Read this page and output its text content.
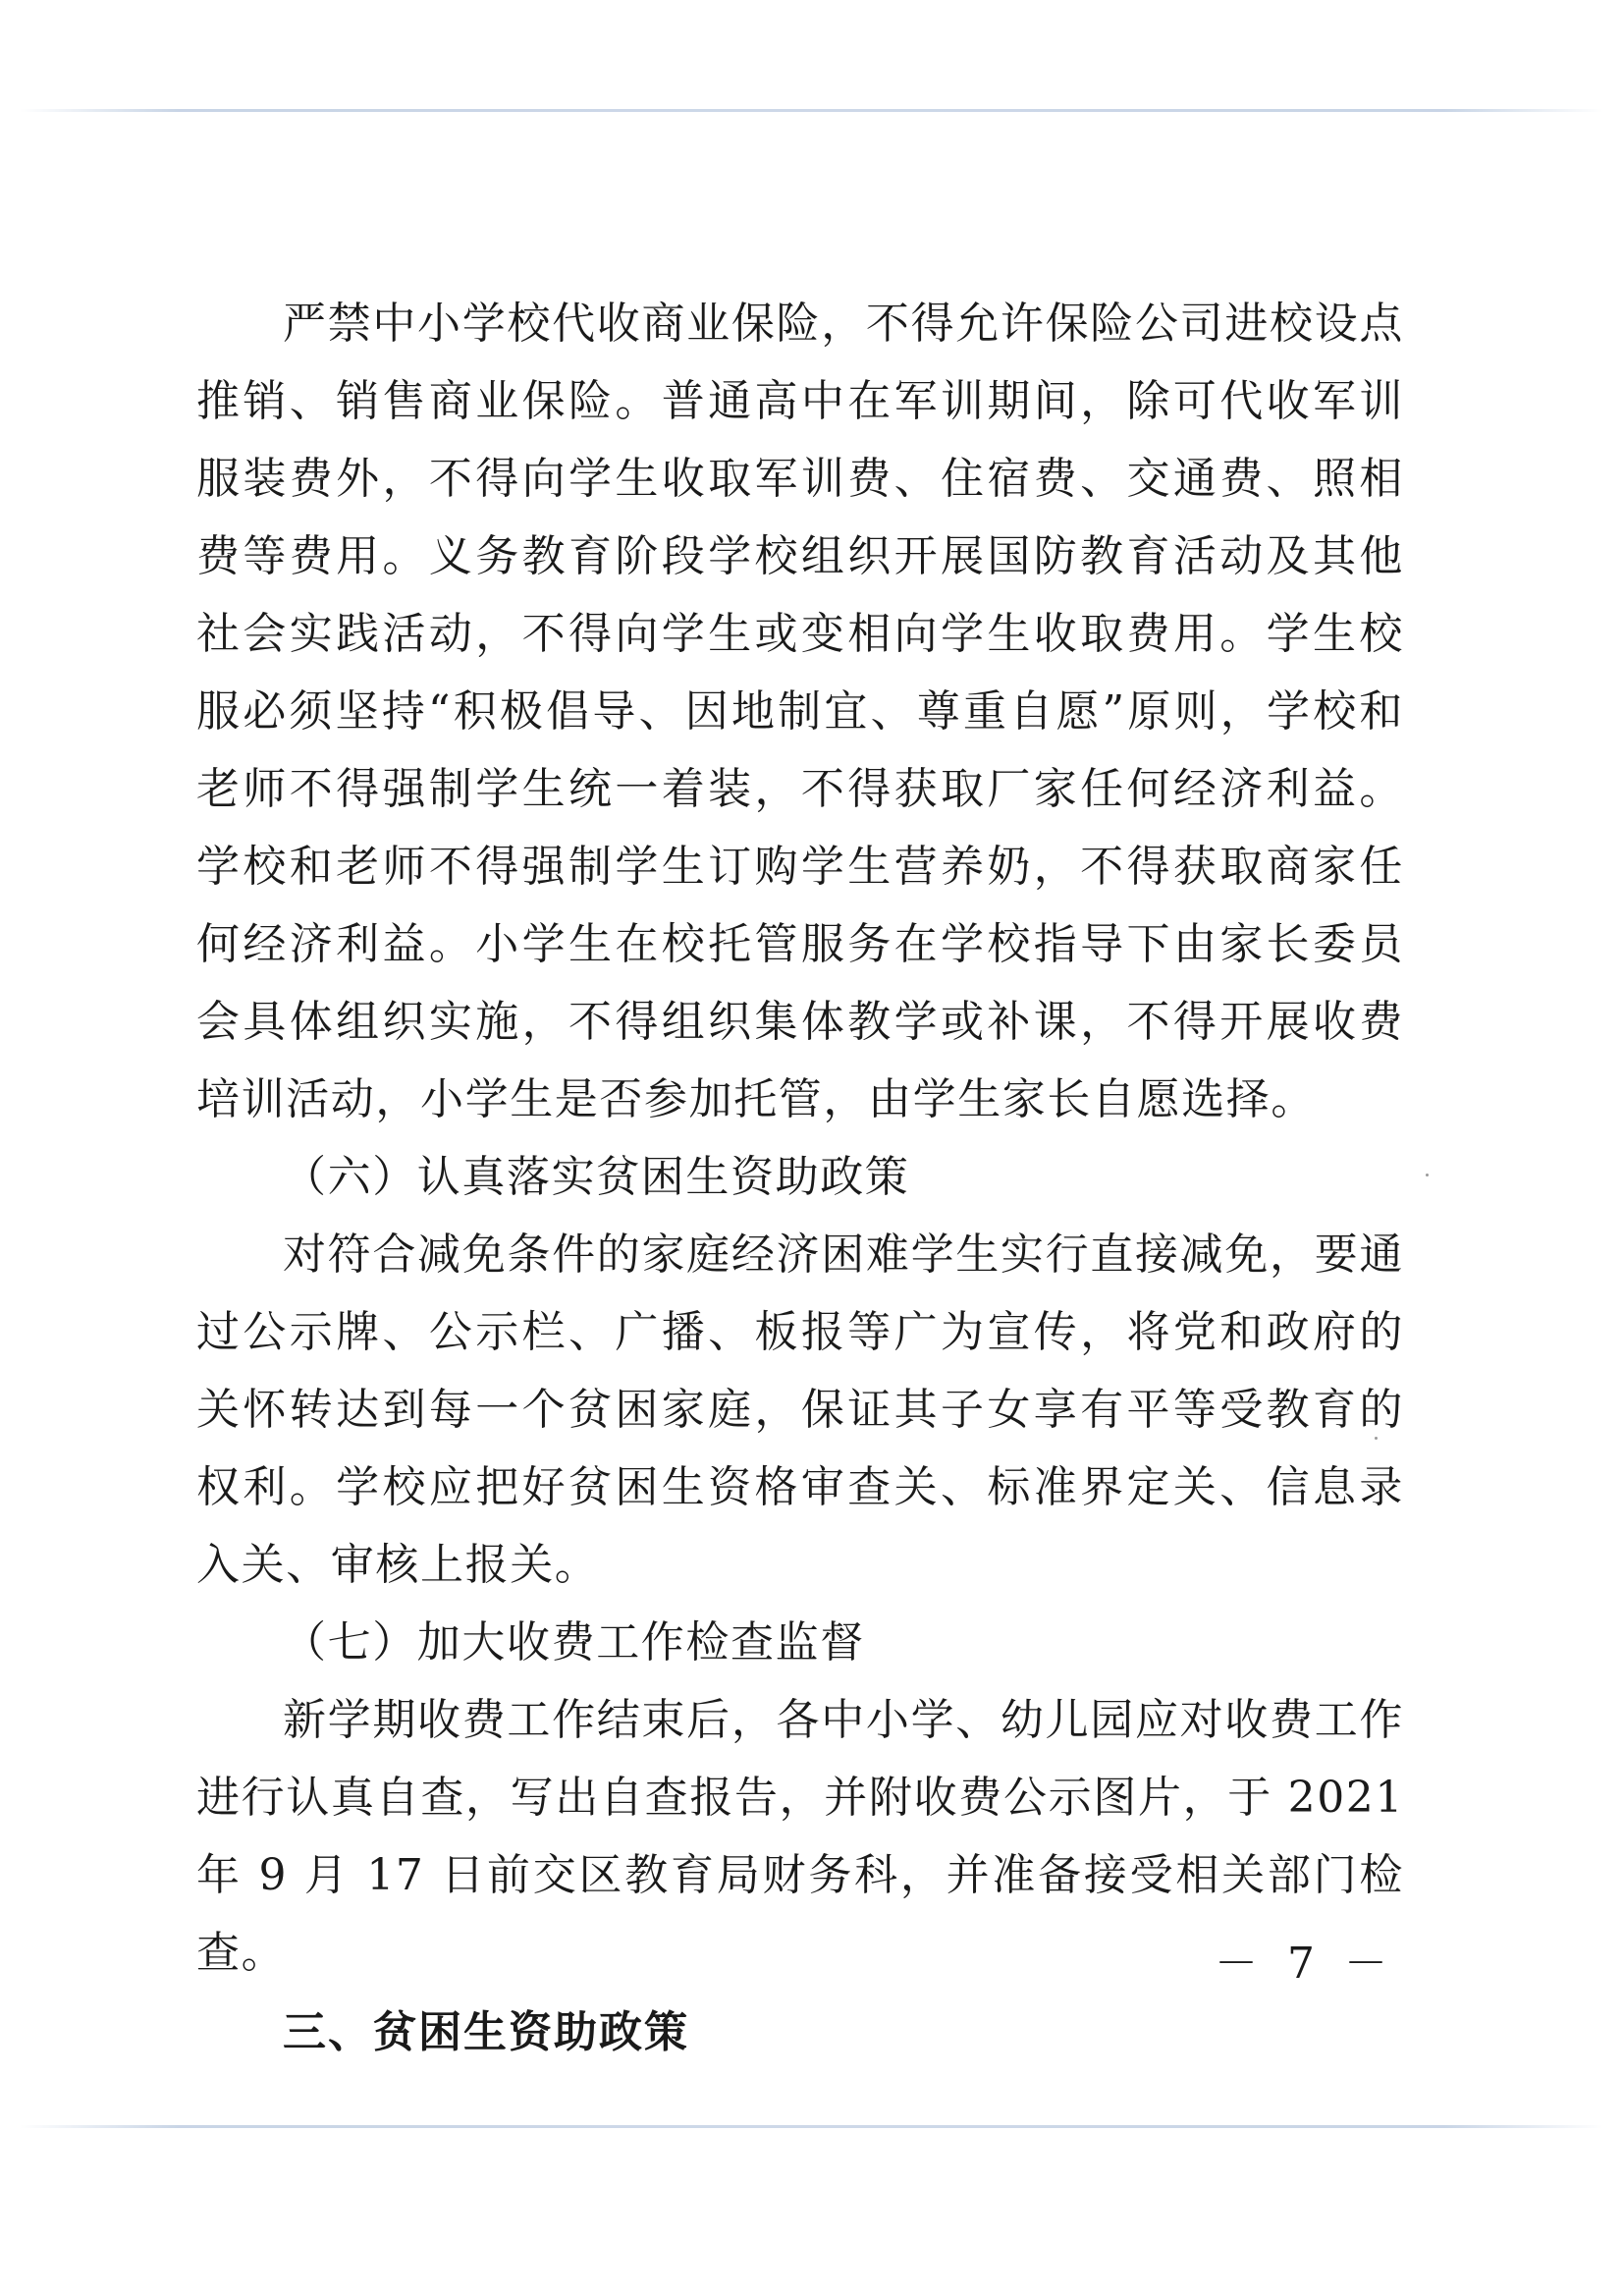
严禁中小学校代收商业保险，不得允许保险公司进校设点推销、销售商业保险。普通高中在军训期间，除可代收军训服装费外，不得向学生收取军训费、住宿费、交通费、照相费等费用。义务教育阶段学校组织开展国防教育活动及其他社会实践活动，不得向学生或变相向学生收取费用。学生校服必须坚持“积极倡导、因地制宜、尊重自愿”原则，学校和老师不得强制学生统一着装，不得获取厂家任何经济利益。学校和老师不得强制学生订购学生营养奶，不得获取商家任何经济利益。小学生在校托管服务在学校指导下由家长委员会具体组织实施，不得组织集体教学或补课，不得开展收费培训活动，小学生是否参加托管，由学生家长自愿选择。

（六）认真落实贫困生资助政策

对符合减免条件的家庭经济困难学生实行直接减免，要通过公示牌、公示栏、广播、板报等广为宣传，将党和政府的关怀转达到每一个贫困家庭，保证其子女享有平等受教育的权利。学校应把好贫困生资格审查关、标准界定关、信息录入关、审核上报关。

（七）加大收费工作检查监督

新学期收费工作结束后，各中小学、幼儿园应对收费工作进行认真自查，写出自查报告，并附收费公示图片，于 2021 年 9 月 17 日前交区教育局财务科，并准备接受相关部门检查。

三、贫困生资助政策

－ 7 －
